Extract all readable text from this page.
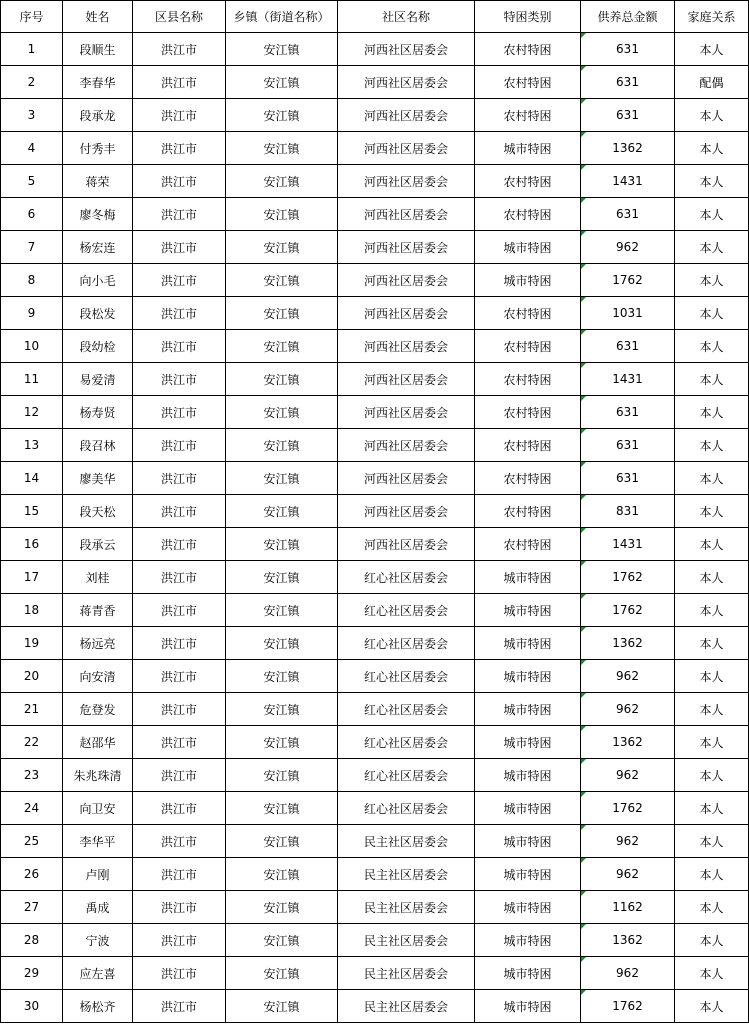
序号	姓名	区县名称	乡镇（街道名称）	社区名称	特困类别	供养总金额	家庭关系
1	段顺生	洪江市	安江镇	河西社区居委会	农村特困	631	本人
2	李春华	洪江市	安江镇	河西社区居委会	农村特困	631	配偶
3	段承龙	洪江市	安江镇	河西社区居委会	农村特困	631	本人
4	付秀丰	洪江市	安江镇	河西社区居委会	城市特困	1362	本人
5	蒋荣	洪江市	安江镇	河西社区居委会	农村特困	1431	本人
6	廖冬梅	洪江市	安江镇	河西社区居委会	农村特困	631	本人
7	杨宏连	洪江市	安江镇	河西社区居委会	城市特困	962	本人
8	向小毛	洪江市	安江镇	河西社区居委会	城市特困	1762	本人
9	段松发	洪江市	安江镇	河西社区居委会	农村特困	1031	本人
10	段幼检	洪江市	安江镇	河西社区居委会	农村特困	631	本人
11	易爱清	洪江市	安江镇	河西社区居委会	农村特困	1431	本人
12	杨寿贤	洪江市	安江镇	河西社区居委会	农村特困	631	本人
13	段召林	洪江市	安江镇	河西社区居委会	农村特困	631	本人
14	廖美华	洪江市	安江镇	河西社区居委会	农村特困	631	本人
15	段天松	洪江市	安江镇	河西社区居委会	农村特困	831	本人
16	段承云	洪江市	安江镇	河西社区居委会	农村特困	1431	本人
17	刘桂	洪江市	安江镇	红心社区居委会	城市特困	1762	本人
18	蒋青香	洪江市	安江镇	红心社区居委会	城市特困	1762	本人
19	杨远亮	洪江市	安江镇	红心社区居委会	城市特困	1362	本人
20	向安清	洪江市	安江镇	红心社区居委会	城市特困	962	本人
21	危登发	洪江市	安江镇	红心社区居委会	城市特困	962	本人
22	赵邵华	洪江市	安江镇	红心社区居委会	城市特困	1362	本人
23	朱兆珠清	洪江市	安江镇	红心社区居委会	城市特困	962	本人
24	向卫安	洪江市	安江镇	红心社区居委会	城市特困	1762	本人
25	李华平	洪江市	安江镇	民主社区居委会	城市特困	962	本人
26	卢刚	洪江市	安江镇	民主社区居委会	城市特困	962	本人
27	禹成	洪江市	安江镇	民主社区居委会	城市特困	1162	本人
28	宁波	洪江市	安江镇	民主社区居委会	城市特困	1362	本人
29	应左喜	洪江市	安江镇	民主社区居委会	城市特困	962	本人
30	杨松齐	洪江市	安江镇	民主社区居委会	城市特困	1762	本人
